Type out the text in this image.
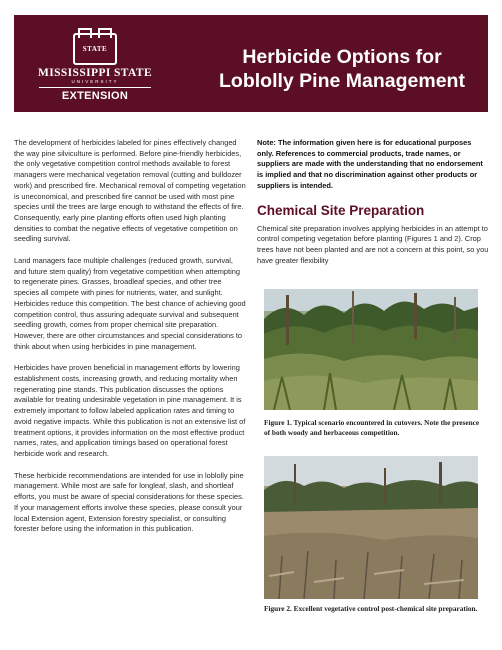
STATE
MISSISSIPPI STATE
UNIVERSITY
EXTENSION
Herbicide Options for
Loblolly Pine Management

The development of herbicides labeled for pines effectively changed the way pine silviculture is performed. Before pine-friendly herbicides, the only vegetative competition control methods available to forest managers were mechanical vegetation removal (cutting and bulldozer work) and prescribed fire. Mechanical removal of competing vegetation is uneconomical, and prescribed fire cannot be used with most pine species until the trees are large enough to withstand the effects of fire. Consequently, early pine planting efforts often used high planting densities to combat the negative effects of vegetative competition on seedling survival.

Land managers face multiple challenges (reduced growth, survival, and future stem quality) from vegetative competition when attempting to regenerate pines. Grasses, broadleaf species, and other tree species all compete with pines for nutrients, water, and sunlight. Herbicides reduce this competition. The best chance of achieving good competition control, thus assuring adequate survival and subsequent seedling growth, comes from proper chemical site preparation. However, there are other circumstances and special considerations to think about when using herbicides in pine management.

Herbicides have proven beneficial in management efforts by lowering establishment costs, increasing growth, and reducing mortality when regenerating pine stands. This publication discusses the options available for treating undesirable vegetation in pine management. It is extremely important to follow labeled application rates and timing to avoid negative impacts. While this publication is not an extensive list of treatment options, it provides information on the most effective product names, rates, and application timings based on operational forest herbicide work and research.

These herbicide recommendations are intended for use in loblolly pine management. While most are safe for longleaf, slash, and shortleaf efforts, you must be aware of special considerations for these species. If your management efforts involve these species, please consult your local Extension agent, Extension forestry specialist, or consulting forester before using the information in this publication.

Note: The information given here is for educational purposes only. References to commercial products, trade names, or suppliers are made with the understanding that no endorsement is implied and that no discrimination against other products or suppliers is intended.

Chemical Site Preparation

Chemical site preparation involves applying herbicides in an attempt to control competing vegetation before planting (Figures 1 and 2). Crop trees have not been planted and are not a concern at this point, so you have greater flexibility

Figure 1. Typical scenario encountered in cutovers. Note the presence of both woody and herbaceous competition.
Figure 2. Excellent vegetative control post-chemical site preparation.
